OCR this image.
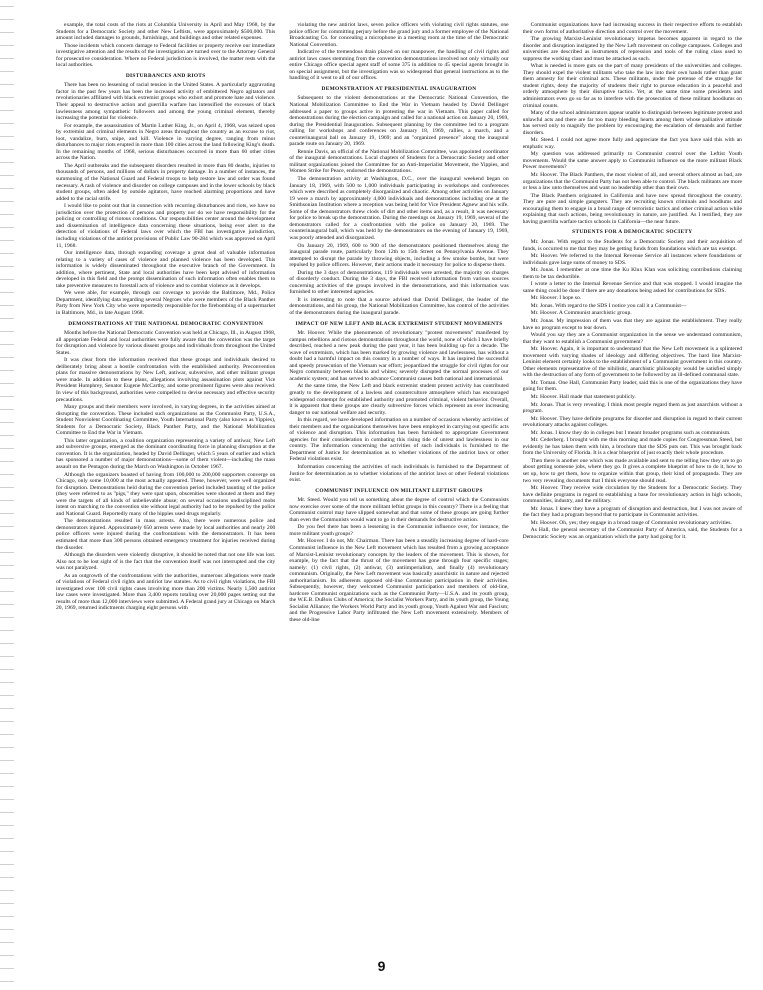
example, the total costs of the riots at Columbia University in April and May 1968, by the Students for a Democratic Society and other New Leftists, were approximately $500,000. This amount included damages to grounds, furnishings, and buildings and other related expenses.

Those incidents which concern damage to Federal facilities or property receive our immediate investigative attention and the results of the investigation are turned over to the Attorney General for prosecutive consideration. Where no Federal jurisdiction is involved, the matter rests with the local authorities.

DISTURBANCES AND RIOTS

There has been no lessening of racial tension in the United States. A particularly aggravating factor in the past few years has been the increased activity of embittered Negro agitators and revolutionaries affiliated with black extremist groups who exhort and promote hate and violence. Their appeal to destructive action and guerrilla warfare has intensified the excesses of black lawlessness among sympathetic followers and among the young criminal element, thereby increasing the potential for violence.

For example, the assassination of Martin Luther King, Jr., on April 4, 1968, was seized upon by extremist and criminal elements in Negro areas throughout the country as an excuse to riot, loot, vandalize, burn, snipe, and kill. Violence in varying degree, ranging from minor disturbances to major riots erupted in more than 100 cities across the land following King's death. In the remaining months of 1968, serious disturbances occurred in more than 60 other cities across the Nation.

The April outbreaks and the subsequent disorders resulted in more than 80 deaths, injuries to thousands of persons, and millions of dollars in property damage. In a number of instances, the summoning of the National Guard and Federal troops to help restore law and order was found necessary. A rash of violence and disorder on college campuses and in the lower schools by black student groups, often aided by outside agitators, have reached alarming proportions and have added to the racial strife.

I would like to point out that in connection with recurring disturbances and riots, we have no jurisdiction over the protection of persons and property nor do we have responsibility for the policing or controlling of riotous conditions. Our responsibilities center around the development and dissemination of intelligence data concerning these situations, being ever alert to the detection of violations of Federal laws over which the FBI has investigative jurisdiction, including violations of the antiriot provisions of Public Law 90-284 which was approved on April 11, 1968.

Our intelligence data, through expanding coverage a great deal of valuable information relating to a variety of cases of violence and planned violence has been developed. This information is widely disseminated throughout the executive branch of the Government. In addition, where pertinent, State and local authorities have been kept advised of information developed in this field and the prompt dissemination of such information often enables them to take preventive measures to forestall acts of violence and to combat violence as it develops.

We were able, for example, through our coverage to provide the Baltimore, Md., Police Department, identifying data regarding several Negroes who were members of the Black Panther Party from New York City who were reportedly responsible for the firebombing of a supermarket in Baltimore, Md., in late August 1968.

DEMONSTRATIONS AT THE NATIONAL DEMOCRATIC CONVENTION

Months before the National Democratic Convention was held at Chicago, Ill., in August 1968, all appropriate Federal and local authorities were fully aware that the convention was the target for disruption and violence by various dissent groups and individuals from throughout the United States.

It was clear from the information received that these groups and individuals desired to deliberately bring about a hostile confrontation with the established authority. Preconvention plans for massive demonstrations by New Left, antiwar, subversive, and other militant groups were made. In addition to these plans, allegations involving assassination plots against Vice President Humphrey, Senator Eugene McCarthy, and some prominent figures were also received. In view of this background, authorities were compelled to devise necessary and effective security precautions.

Many groups and their members were involved, in varying degrees, in the activities aimed at disrupting the convention. These included such organizations as the Communist Party, U.S.A., Student Nonviolent Coordinating Committee, Youth International Party (also known as Yippies), Students for a Democratic Society, Black Panther Party, and the National Mobilization Committee to End the War in Vietnam.

This latter organization, a coalition organization representing a variety of antiwar, New Left and subversive groups, emerged as the dominant coordinating force in planning disruption at the convention. It is the organization, headed by David Dellinger, which 5 years of earlier and which has sponsored a number of major demonstrations—some of them violent—including the mass assault on the Pentagon during the March on Washington in October 1967.

Although the organizers boasted of having from 100,000 to 200,000 supporters converge on Chicago, only some 10,000 at the most actually appeared. These, however, were well organized for disruption. Demonstrations held during the convention period included taunting of the police (they were referred to as "pigs," they were spat upon, obscenities were shouted at them and they were the targets of all kinds of unbelievable abuse; on several occasions undisciplined mobs intent on marching to the convention site without legal authority had to be repulsed by the police and National Guard. Reportedly many of the hippies used drugs regularly.

The demonstrations resulted in mass arrests. Also, there were numerous police and demonstrators injured. Approximately 650 arrests were made by local authorities and nearly 200 police officers were injured during the confrontations with the demonstrators. It has been estimated that more than 300 persons obtained emergency treatment for injuries received during the disorder.

Although the disorders were violently disruptive, it should be noted that not one life was lost. Also not to be lost sight of is the fact that the convention itself was not interrupted and the city was not paralyzed.

As an outgrowth of the confrontations with the authorities, numerous allegations were made of violations of Federal civil rights and antiriot law statutes. As to civil rights violations, the FBI investigated over 100 civil rights cases involving more than 200 victims. Nearly 1,500 antiriot law cases were investigated. More than 3,400 reports totaling over 20,000 pages setting out the results of more than 12,000 interviews were submitted. A Federal grand jury at Chicago on March 20, 1969, returned indictments charging eight persons with

violating the new antiriot laws, seven police officers with violating civil rights statutes, one police officer for committing perjury before the grand jury and a former employee of the National Broadcasting Co. for concealing a microphone in a meeting room at the time of the Democratic National Convention.

Indicative of the tremendous drain placed on our manpower, the handling of civil rights and antiriot laws cases stemming from the convention demonstrations involved not only virtually our entire Chicago office special agent staff of some 375 in addition to 45 special agents brought in on special assignment, but the investigation was so widespread that general instructions as to the handling of it went to all of our offices.

DEMONSTRATION AT PRESIDENTIAL INAUGURATION

Subsequent to the violent demonstrations at the Democratic National Convention, the National Mobilization Committee to End the War in Vietnam headed by David Dellinger addressed a paper to groups active in protesting the war in Vietnam. This paper called for demonstrations during the election campaign and called for a national action on January 20, 1969, during the Presidential Inauguration. Subsequent planning by the committee led to a program calling for workshops and conferences on January 18, 1969, rallies, a march, and a counterinaugural ball on January 19, 1969; and an "organized presence" along the inaugural parade route on January 20, 1969.

Rennie Davis, an official of the National Mobilization Committee, was appointed coordinator of the inaugural demonstrations. Local chapters of Students for a Democratic Society and other militant organizations joined the Committee for an Anti-Imperialist Movement, the Yippies, and Women Strike for Peace, endorsed the demonstrations.

The demonstration activity at Washington, D.C., over the inaugural weekend began on January 18, 1969, with 500 to 1,000 individuals participating in workshops and conferences which were described as completely disorganized and chaotic. Among other activities on January 19 were a march by approximately 4,000 individuals and demonstrations including one at the Smithsonian Institution where a reception was being held for Vice President Agnew and his wife. Some of the demonstrators threw clods of dirt and other items and, as a result, it was necessary for police to break up the demonstration. During the meetings on January 19, 1969, several of the demonstrators called for a confrontation with the police on January 20, 1969. The counterinaugural ball, which was held by the demonstrators on the evening of January 19, 1969, was poorly attended and disorganized.

On January 20, 1969, 600 to 900 of the demonstrators positioned themselves along the inaugural parade route, particularly from 12th to 15th Street on Pennsylvania Avenue. They attempted to disrupt the parade by throwing objects, including a few smoke bombs, but were repulsed by police officers. However, their actions made it necessary for police to disperse them.

During the 3 days of demonstrations, 119 individuals were arrested, the majority on charges of disorderly conduct. During the 3 days, the FBI received information from various sources concerning activities of the groups involved in the demonstrations, and this information was furnished to other interested agencies.

It is interesting to note that a source advised that David Dellinger, the leader of the demonstrations, and his group, the National Mobilization Committee, has control of the activities of the demonstrators during the inaugural parade.

IMPACT OF NEW LEFT AND BLACK EXTREMIST STUDENT MOVEMENTS

Mr. Hoover. While the phenomenon of revolutionary "protest movements" manifested by campus rebellions and riotous demonstrations throughout the world, none of which I have briefly described, reached a new peak during the past year, it has been building up for a decade. The wave of extremism, which has been marked by growing violence and lawlessness, has without a doubt had a harmful impact on this country in a number of ways. It has inspired the successful and speedy prosecution of the Vietnam war effort; jeopardized the struggle for civil rights for our Negro community between blacks and whites; severely disrupted the normal processes of our academic system; and has served to advance Communist causes both national and international.

At the same time, the New Left and black extremist student protest activity has contributed greatly to the development of a lawless and counterculture atmosphere which has encouraged widespread contempt for established authority and promoted criminal, violent behavior. Overall, it is apparent that these groups are clearly subversive forces which represent an ever increasing danger to our national welfare and security.

In this regard, we have developed information on a number of occasions whereby activities of their members and the organizations themselves have been employed in carrying out specific acts of violence and disruption. This information has been furnished to appropriate Government agencies for their consideration in combating this rising tide of unrest and lawlessness in our country. The information concerning the activities of such individuals is furnished to the Department of Justice for determination as to whether violations of the antiriot laws or other Federal violations exist.

Information concerning the activities of such individuals is furnished to the Department of Justice for determination as to whether violations of the antiriot laws or other Federal violations exist.

COMMUNIST INFLUENCE ON MILITANT LEFTIST GROUPS

Mr. Steed. Would you tell us something about the degree of control which the Communists now exercise over some of the more militant leftist groups in this country? There is a feeling that Communist control may have slipped somewhat and that some of these groups are going further than even the Communists would want to go in their demands for destructive action.

Do you feel there has been a lessening in the Communist influence over, for instance, the more militant youth groups?

Mr. Hoover. I do not, Mr. Chairman. There has been a steadily increasing degree of hard-core Communist influence in the New Left movement which has resulted from a growing acceptance of Marxist-Leninist revolutionary concepts by the leaders of the movement. This is shown, for example, by the fact that the thrust of the movement has gone through four specific stages; namely: (1) civil rights, (2) antiwar, (3) antiimperialism, and finally (4) revolutionary communism. Originally, the New Left movement was basically anarchistic in nature and rejected authoritarianism. Its adherents opposed old-line Communist participation in their activities. Subsequently, however, they welcomed Communist participation and members of old-line, hardcore Communist organizations such as the Communist Party—U.S.A. and its youth group, the W.E.B. DuBois Clubs of America; the Socialist Workers Party, and its youth group, the Young Socialist Alliance; the Workers World Party and its youth group, Youth Against War and Fascism; and the Progressive Labor Party infiltrated the New Left movement extensively. Members of these old-line

Communist organizations have had increasing success in their respective efforts to establish their own forms of authoritative direction and control over the movement.

The growing Marxist-Leninist revolutionary impetus becomes apparent in regard to the disorder and disruption instigated by the New Left movement on college campuses. Colleges and universities are described as instruments of repression and tools of the ruling class used to suppress the working class and must be attacked as such.

What is needed is more guts on the part of many presidents of the universities and colleges. They should expel the violent militants who take the law into their own hands rather than grant them amnesty for their criminal acts. These militants, under the pretense of the struggle for student rights, deny the majority of students their right to pursue education in a peaceful and orderly atmosphere by their disruptive tactics. Yet, at the same time some presidents and administrators even go so far as to interfere with the prosecution of these militant hoodlums on criminal counts.

Many of the school administrators appear unable to distinguish between legitimate protest and unlawful acts and there are far too many bleeding hearts among them whose palliative attitude has served only to magnify the problem by encouraging the escalation of demands and further disorders.

Mr. Steed. I could not agree more fully and appreciate the fact you have said this with an emphatic way.

My question was addressed primarily to Communist control over the Leftist Youth movements. Would the same answer apply to Communist influence on the more militant Black Power movements?

Mr. Hoover. The Black Panthers, the most violent of all, and several others almost as bad, are organizations that the Communist Party has not been able to control. The black militants are more or less a law unto themselves and want no leadership other than their own.

The Black Panthers originated in California and have now spread throughout the country. They are pure and simple gangsters. They are recruiting known criminals and hoodlums and encouraging them to engage in a broad range of terroristic tactics and other criminal action while explaining that such actions, being revolutionary in nature, are justified. As I testified, they are having guerrilla warfare tactics schools in California—the near future.

STUDENTS FOR A DEMOCRATIC SOCIETY

Mr. Jonas. With regard to the Students for a Democratic Society and their acquisition of funds, is occurred to me that they may be getting funds from foundations which are tax exempt.

Mr. Hoover. We referred to the Internal Revenue Service all instances where foundations or individuals gave large sums of money to SDS.

Mr. Jonas. I remember at one time the Ku Klux Klan was soliciting contributions claiming them to be tax deductible.

I wrote a letter to the Internal Revenue Service and that was stopped. I would imagine the same thing could be done if there are any donations being asked for contributions for SDS.

Mr. Hoover. I hope so.

Mr. Jonas. With regard to the SDS I notice you call it a Communist—

Mr. Hoover. A Communist anarchistic group.

Mr. Jonas. My impression of them was that they are against the establishment. They really have no program except to tear down.

Would you say they are a Communist organization in the sense we understand communism, that they want to establish a Communist government?

Mr. Hoover. Again, it is important to understand that the New Left movement is a splintered movement with varying shades of ideology and differing objectives. The hard line Marxist-Leninist element certainly looks to the establishment of a Communist government in this country. Other elements representative of the nihilistic, anarchistic philosophy would be satisfied simply with the destruction of any form of government to be followed by an ill-defined communal state.

Mr. Toman. One Hall, Communist Party leader, said this is one of the organizations they have going for them.

Mr. Hoover. Hall made that statement publicly.

Mr. Jonas. That is very revealing. I think most people regard them as just anarchists without a program.

Mr. Hoover. They have definite programs for disorder and disruption in regard to their current revolutionary attacks against colleges.

Mr. Jonas. I know they do in colleges but I meant broader programs such as communism.

Mr. Cederberg. I brought with me this morning and made copies for Congressman Steed, but evidently he has taken them with him, a brochure that the SDS puts out. This was brought back from the University of Florida. It is a clear blueprint of just exactly their whole procedure.

Then there is another one which was made available and sent to me telling how they are to go about getting someone jobs, where they go. It gives a complete blueprint of how to do it, how to set up, how to get them, how to organize within that group, their kind of propaganda. They are two very revealing documents that I think everyone should read.

Mr. Hoover. They receive wide circulation by the Students for a Democratic Society. They have definite programs in regard to establishing a base for revolutionary action in high schools, communities, industry, and the military.

Mr. Jonas. I knew they have a program of disruption and destruction, but I was not aware of the fact they had a program beyond that to participate in Communist activities.

Mr. Hoover. Oh, yes; they engage in a broad range of Communist revolutionary activities.

As Hall, the general secretary of the Communist Party of America, said, the Students for a Democratic Society was an organization which the party had going for it.

9
